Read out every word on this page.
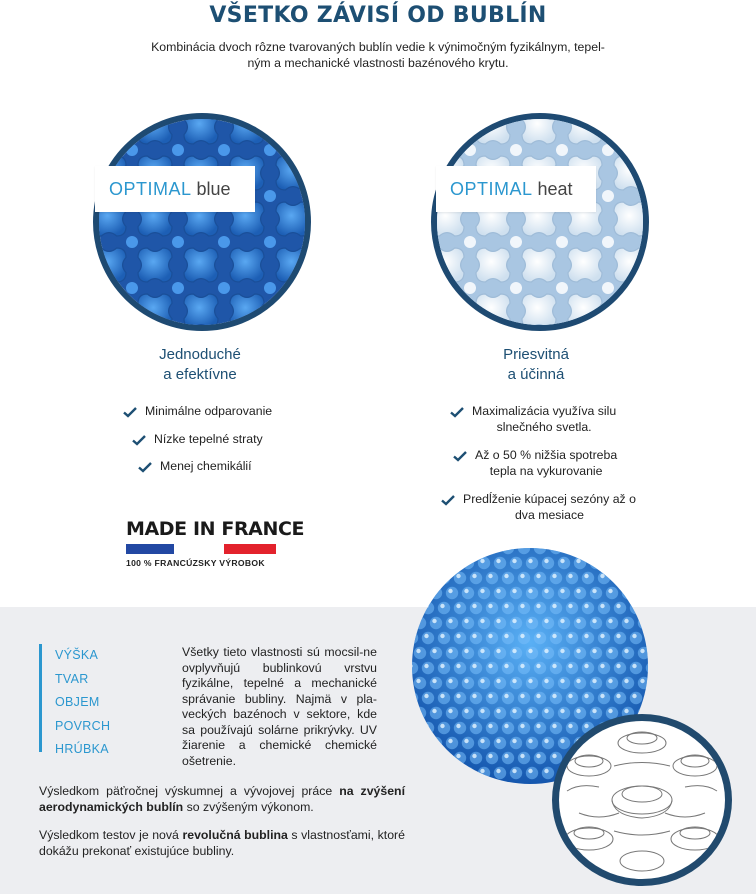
VŠETKO ZÁVISÍ OD BUBLÍN
Kombinácia dvoch rôzne tvarovaných bublín vedie k výnimočným fyzikálnym, tepel-
ným a mechanické vlastnosti bazénového krytu.
OPTIMAL blue
Jednoduché
a efektívne
Minimálne odparovanie
Nízke tepelné straty
Menej chemikálií
OPTIMAL heat
Priesvitná
a účinná
Maximalizácia využíva silu
slnečného svetla.
Až o 50 % nižšia spotreba
tepla na vykurovanie
Predĺženie kúpacej sezóny až o
dva mesiace
MADE IN FRANCE
100 % FRANCÚZSKY VÝROBOK
VÝŠKA
TVAR
OBJEM
POVRCH
HRÚBKA
Všetky tieto vlastnosti sú mocsil-ne ovplyvňujú bublinkovú vrstvu fyzikálne, tepelné a mechanické správanie bubliny. Najmä v pla-veckých bazénoch v sektore, kde sa používajú solárne prikrývky. UV žiarenie a chemické chemické ošetrenie.
Výsledkom päťročnej výskumnej a vývojovej práce na zvýšení aerodynamických bublín so zvýšeným výkonom.
Výsledkom testov je nová revolučná bublina s vlastnosťami, ktoré dokážu prekonať existujúce bubliny.
